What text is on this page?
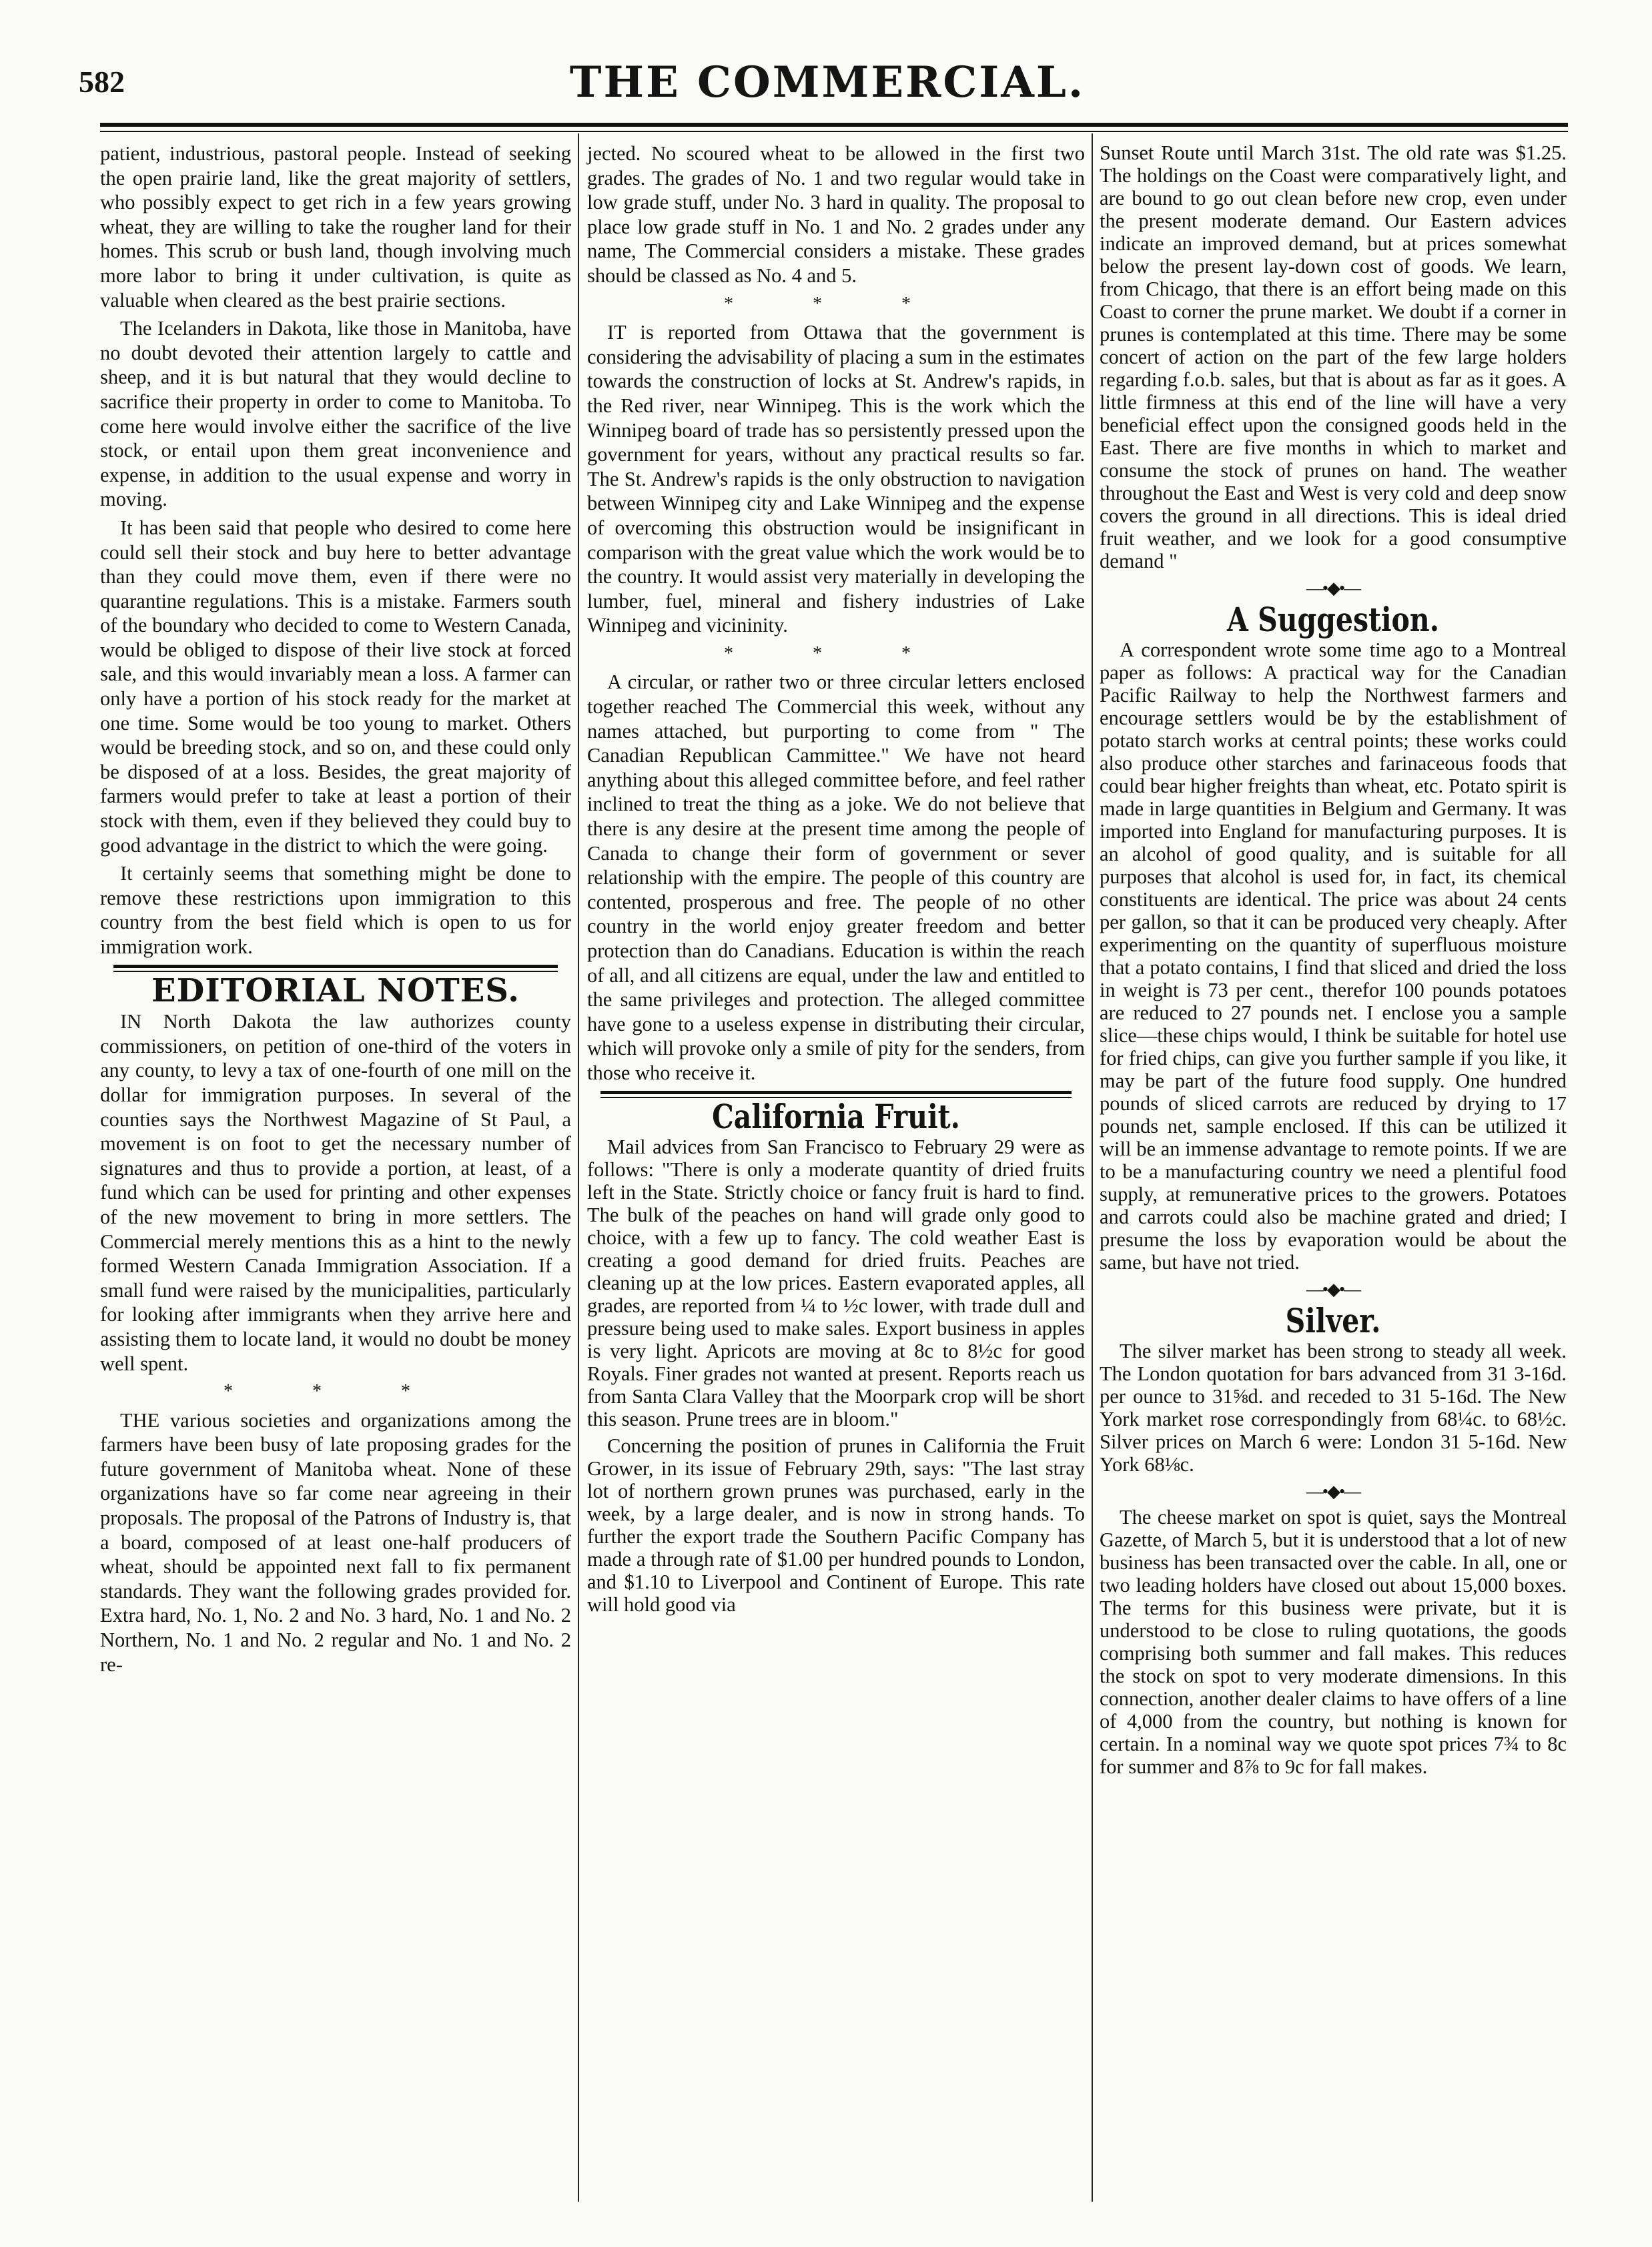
582	THE COMMERCIAL.

patient, industrious, pastoral people. Instead of seeking the open prairie land, like the great majority of settlers, who possibly expect to get rich in a few years growing wheat, they are willing to take the rougher land for their homes. This scrub or bush land, though involving much more labor to bring it under cultivation, is quite as valuable when cleared as the best prairie sections.

The Icelanders in Dakota, like those in Manitoba, have no doubt devoted their attention largely to cattle and sheep, and it is but natural that they would decline to sacrifice their property in order to come to Manitoba. To come here would involve either the sacrifice of the live stock, or entail upon them great inconvenience and expense, in addition to the usual expense and worry in moving.

It has been said that people who desired to come here could sell their stock and buy here to better advantage than they could move them, even if there were no quarantine regulations. This is a mistake. Farmers south of the boundary who decided to come to Western Canada, would be obliged to dispose of their live stock at forced sale, and this would invariably mean a loss. A farmer can only have a portion of his stock ready for the market at one time. Some would be too young to market. Others would be breeding stock, and so on, and these could only be disposed of at a loss. Besides, the great majority of farmers would prefer to take at least a portion of their stock with them, even if they believed they could buy to good advantage in the district to which the were going.

It certainly seems that something might be done to remove these restrictions upon immigration to this country from the best field which is open to us for immigration work.

EDITORIAL NOTES.

IN North Dakota the law authorizes county commissioners, on petition of one-third of the voters in any county, to levy a tax of one-fourth of one mill on the dollar for immigration purposes. In several of the counties says the Northwest Magazine of St Paul, a movement is on foot to get the necessary number of signatures and thus to provide a portion, at least, of a fund which can be used for printing and other expenses of the new movement to bring in more settlers. The Commercial merely mentions this as a hint to the newly formed Western Canada Immigration Association. If a small fund were raised by the municipalities, particularly for looking after immigrants when they arrive here and assisting them to locate land, it would no doubt be money well spent.

* * *

THE various societies and organizations among the farmers have been busy of late proposing grades for the future government of Manitoba wheat. None of these organizations have so far come near agreeing in their proposals. The proposal of the Patrons of Industry is, that a board, composed of at least one-half producers of wheat, should be appointed next fall to fix permanent standards. They want the following grades provided for. Extra hard, No. 1, No. 2 and No. 3 hard, No. 1 and No. 2 Northern, No. 1 and No. 2 regular and No. 1 and No. 2 re-

jected. No scoured wheat to be allowed in the first two grades. The grades of No. 1 and two regular would take in low grade stuff, under No. 3 hard in quality. The proposal to place low grade stuff in No. 1 and No. 2 grades under any name, The Commercial considers a mistake. These grades should be classed as No. 4 and 5.

* * *

IT is reported from Ottawa that the government is considering the advisability of placing a sum in the estimates towards the construction of locks at St. Andrew's rapids, in the Red river, near Winnipeg. This is the work which the Winnipeg board of trade has so persistently pressed upon the government for years, without any practical results so far. The St. Andrew's rapids is the only obstruction to navigation between Winnipeg city and Lake Winnipeg and the expense of overcoming this obstruction would be insignificant in comparison with the great value which the work would be to the country. It would assist very materially in developing the lumber, fuel, mineral and fishery industries of Lake Winnipeg and vicininity.

* * *

A circular, or rather two or three circular letters enclosed together reached The Commercial this week, without any names attached, but purporting to come from " The Canadian Republican Cammittee." We have not heard anything about this alleged committee before, and feel rather inclined to treat the thing as a joke. We do not believe that there is any desire at the present time among the people of Canada to change their form of government or sever relationship with the empire. The people of this country are contented, prosperous and free. The people of no other country in the world enjoy greater freedom and better protection than do Canadians. Education is within the reach of all, and all citizens are equal, under the law and entitled to the same privileges and protection. The alleged committee have gone to a useless expense in distributing their circular, which will provoke only a smile of pity for the senders, from those who receive it.

California Fruit.

Mail advices from San Francisco to February 29 were as follows: "There is only a moderate quantity of dried fruits left in the State. Strictly choice or fancy fruit is hard to find. The bulk of the peaches on hand will grade only good to choice, with a few up to fancy. The cold weather East is creating a good demand for dried fruits. Peaches are cleaning up at the low prices. Eastern evaporated apples, all grades, are reported from ¼ to ½c lower, with trade dull and pressure being used to make sales. Export business in apples is very light. Apricots are moving at 8c to 8½c for good Royals. Finer grades not wanted at present. Reports reach us from Santa Clara Valley that the Moorpark crop will be short this season. Prune trees are in bloom."

Concerning the position of prunes in California the Fruit Grower, in its issue of February 29th, says: "The last stray lot of northern grown prunes was purchased, early in the week, by a large dealer, and is now in strong hands. To further the export trade the Southern Pacific Company has made a through rate of $1.00 per hundred pounds to London, and $1.10 to Liverpool and Continent of Europe. This rate will hold good via

Sunset Route until March 31st. The old rate was $1.25. The holdings on the Coast were comparatively light, and are bound to go out clean before new crop, even under the present moderate demand. Our Eastern advices indicate an improved demand, but at prices somewhat below the present lay-down cost of goods. We learn, from Chicago, that there is an effort being made on this Coast to corner the prune market. We doubt if a corner in prunes is contemplated at this time. There may be some concert of action on the part of the few large holders regarding f.o.b. sales, but that is about as far as it goes. A little firmness at this end of the line will have a very beneficial effect upon the consigned goods held in the East. There are five months in which to market and consume the stock of prunes on hand. The weather throughout the East and West is very cold and deep snow covers the ground in all directions. This is ideal dried fruit weather, and we look for a good consumptive demand "

—•◆•—
A Suggestion.

A correspondent wrote some time ago to a Montreal paper as follows: A practical way for the Canadian Pacific Railway to help the Northwest farmers and encourage settlers would be by the establishment of potato starch works at central points; these works could also produce other starches and farinaceous foods that could bear higher freights than wheat, etc. Potato spirit is made in large quantities in Belgium and Germany. It was imported into England for manufacturing purposes. It is an alcohol of good quality, and is suitable for all purposes that alcohol is used for, in fact, its chemical constituents are identical. The price was about 24 cents per gallon, so that it can be produced very cheaply. After experimenting on the quantity of superfluous moisture that a potato contains, I find that sliced and dried the loss in weight is 73 per cent., therefor 100 pounds potatoes are reduced to 27 pounds net. I enclose you a sample slice—these chips would, I think be suitable for hotel use for fried chips, can give you further sample if you like, it may be part of the future food supply. One hundred pounds of sliced carrots are reduced by drying to 17 pounds net, sample enclosed. If this can be utilized it will be an immense advantage to remote points. If we are to be a manufacturing country we need a plentiful food supply, at remunerative prices to the growers. Potatoes and carrots could also be machine grated and dried; I presume the loss by evaporation would be about the same, but have not tried.

—•◆•—
Silver.

The silver market has been strong to steady all week. The London quotation for bars advanced from 31 3-16d. per ounce to 31⅝d. and receded to 31 5-16d. The New York market rose correspondingly from 68¼c. to 68½c. Silver prices on March 6 were: London 31 5-16d. New York 68⅛c.

—•◆•—

The cheese market on spot is quiet, says the Montreal Gazette, of March 5, but it is understood that a lot of new business has been transacted over the cable. In all, one or two leading holders have closed out about 15,000 boxes. The terms for this business were private, but it is understood to be close to ruling quotations, the goods comprising both summer and fall makes. This reduces the stock on spot to very moderate dimensions. In this connection, another dealer claims to have offers of a line of 4,000 from the country, but nothing is known for certain. In a nominal way we quote spot prices 7¾ to 8c for summer and 8⅞ to 9c for fall makes.
